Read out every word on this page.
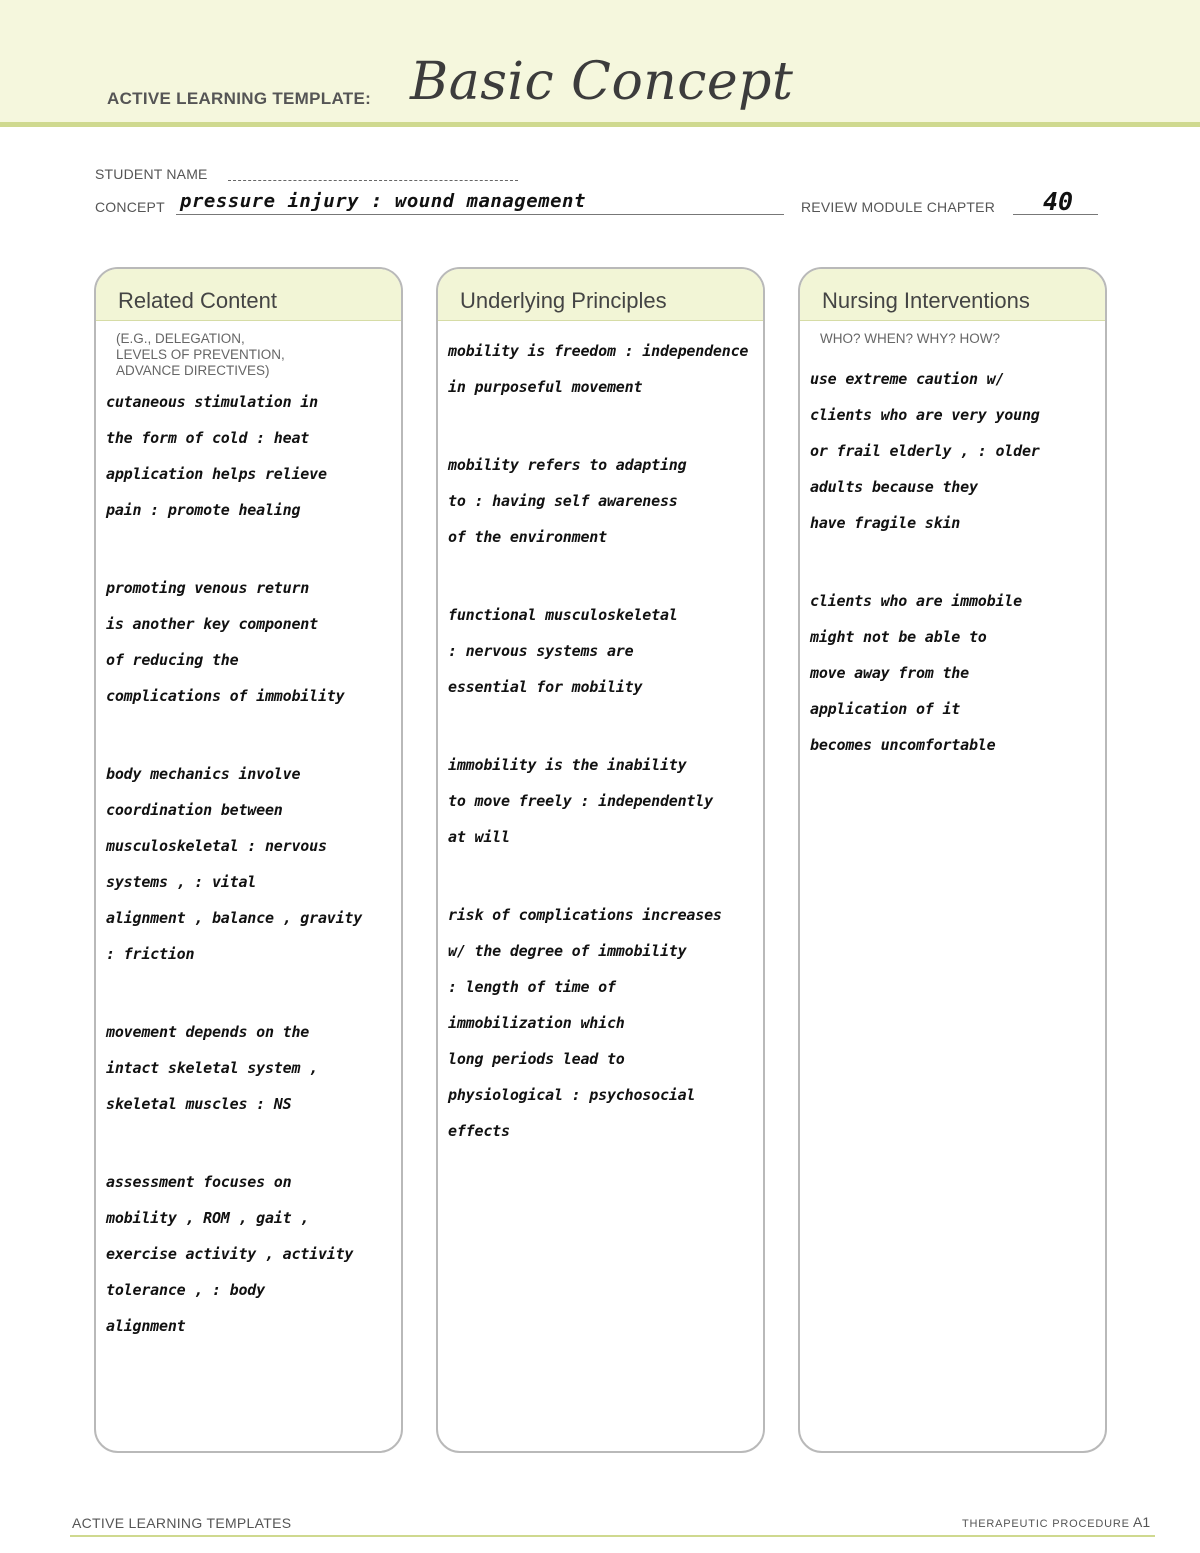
ACTIVE LEARNING TEMPLATE: Basic Concept
STUDENT NAME
CONCEPT pressure injury : wound management	REVIEW MODULE CHAPTER 40
Related Content
(E.G., DELEGATION,
LEVELS OF PREVENTION,
ADVANCE DIRECTIVES)
cutaneous stimulation in
the form of cold : heat
application helps relieve
pain : promote healing
promoting venous return
is another key component
of reducing the
complications of immobility
body mechanics involve
coordination between
musculoskeletal : nervous
systems , : vital
alignment , balance , gravity
: friction
movement depends on the
intact skeletal system ,
skeletal muscles : NS
assessment focuses on
mobility , ROM , gait ,
exercise activity , activity
tolerance , : body
alignment
Underlying Principles
mobility is freedom : independence
in purposeful movement
mobility refers to adapting
to : having self awareness
of the environment
functional musculoskeletal
: nervous systems are
essential for mobility
immobility is the inability
to move freely : independently
at will
risk of complications increases
w/ the degree of immobility
: length of time of
immobilization which
long periods lead to
physiological : psychosocial
effects
Nursing Interventions
WHO? WHEN? WHY? HOW?
use extreme caution w/
clients who are very young
or frail elderly , : older
adults because they
have fragile skin
clients who are immobile
might not be able to
move away from the
application of it
becomes uncomfortable
ACTIVE LEARNING TEMPLATES	THERAPEUTIC PROCEDURE A1
